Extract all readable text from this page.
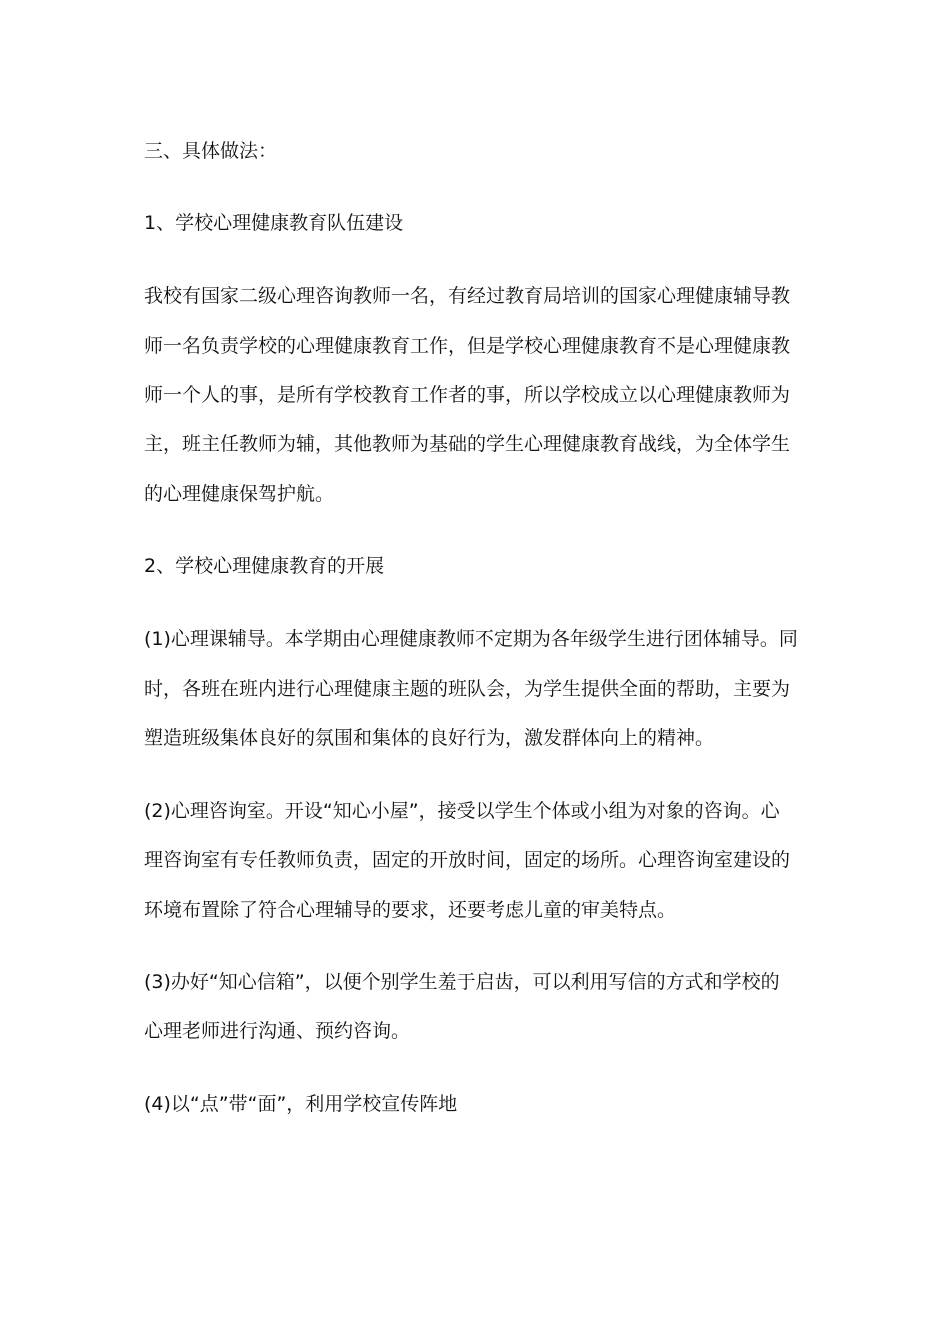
三、具体做法：
1、学校心理健康教育队伍建设
我校有国家二级心理咨询教师一名，有经过教育局培训的国家心理健康辅导教
师一名负责学校的心理健康教育工作，但是学校心理健康教育不是心理健康教
师一个人的事，是所有学校教育工作者的事，所以学校成立以心理健康教师为
主，班主任教师为辅，其他教师为基础的学生心理健康教育战线，为全体学生
的心理健康保驾护航。
2、学校心理健康教育的开展
(1)心理课辅导。本学期由心理健康教师不定期为各年级学生进行团体辅导。同
时，各班在班内进行心理健康主题的班队会，为学生提供全面的帮助，主要为
塑造班级集体良好的氛围和集体的良好行为，激发群体向上的精神。
(2)心理咨询室。开设“知心小屋”，接受以学生个体或小组为对象的咨询。心
理咨询室有专任教师负责，固定的开放时间，固定的场所。心理咨询室建设的
环境布置除了符合心理辅导的要求，还要考虑儿童的审美特点。
(3)办好“知心信箱”，以便个别学生羞于启齿，可以利用写信的方式和学校的
心理老师进行沟通、预约咨询。
(4)以“点”带“面”，利用学校宣传阵地
